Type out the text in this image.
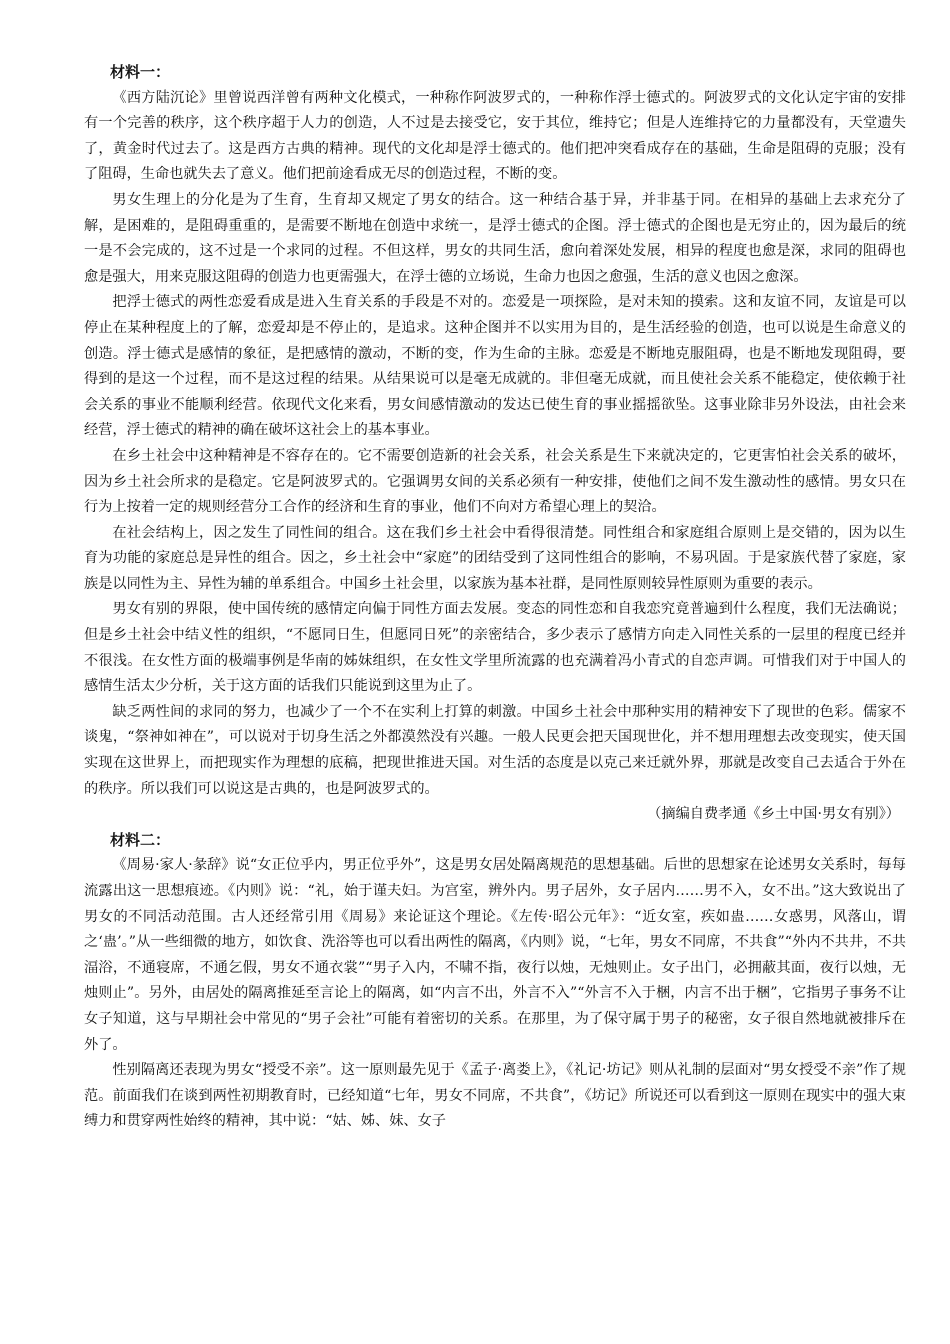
材料一：

《西方陆沉论》里曾说西洋曾有两种文化模式，一种称作阿波罗式的，一种称作浮士德式的。阿波罗式的文化认定宇宙的安排有一个完善的秩序，这个秩序超于人力的创造，人不过是去接受它，安于其位，维持它；但是人连维持它的力量都没有，天堂遗失了，黄金时代过去了。这是西方古典的精神。现代的文化却是浮士德式的。他们把冲突看成存在的基础，生命是阻碍的克服；没有了阻碍，生命也就失去了意义。他们把前途看成无尽的创造过程，不断的变。

男女生理上的分化是为了生育，生育却又规定了男女的结合。这一种结合基于异，并非基于同。在相异的基础上去求充分了解，是困难的，是阻碍重重的，是需要不断地在创造中求统一，是浮士德式的企图。浮士德式的企图也是无穷止的，因为最后的统一是不会完成的，这不过是一个求同的过程。不但这样，男女的共同生活，愈向着深处发展，相异的程度也愈是深，求同的阻碍也愈是强大，用来克服这阻碍的创造力也更需强大，在浮士德的立场说，生命力也因之愈强，生活的意义也因之愈深。

把浮士德式的两性恋爱看成是进入生育关系的手段是不对的。恋爱是一项探险，是对未知的摸索。这和友谊不同，友谊是可以停止在某种程度上的了解，恋爱却是不停止的，是追求。这种企图并不以实用为目的，是生活经验的创造，也可以说是生命意义的创造。浮士德式是感情的象征，是把感情的激动，不断的变，作为生命的主脉。恋爱是不断地克服阻碍，也是不断地发现阻碍，要得到的是这一个过程，而不是这过程的结果。从结果说可以是毫无成就的。非但毫无成就，而且使社会关系不能稳定，使依赖于社会关系的事业不能顺利经营。依现代文化来看，男女间感情激动的发达已使生育的事业摇摇欲坠。这事业除非另外设法，由社会来经营，浮士德式的精神的确在破坏这社会上的基本事业。

在乡土社会中这种精神是不容存在的。它不需要创造新的社会关系，社会关系是生下来就决定的，它更害怕社会关系的破坏，因为乡土社会所求的是稳定。它是阿波罗式的。它强调男女间的关系必须有一种安排，使他们之间不发生激动性的感情。男女只在行为上按着一定的规则经营分工合作的经济和生育的事业，他们不向对方希望心理上的契洽。

在社会结构上，因之发生了同性间的组合。这在我们乡土社会中看得很清楚。同性组合和家庭组合原则上是交错的，因为以生育为功能的家庭总是异性的组合。因之，乡土社会中“家庭”的团结受到了这同性组合的影响，不易巩固。于是家族代替了家庭，家族是以同性为主、异性为辅的单系组合。中国乡土社会里，以家族为基本社群，是同性原则较异性原则为重要的表示。

男女有别的界限，使中国传统的感情定向偏于同性方面去发展。变态的同性恋和自我恋究竟普遍到什么程度，我们无法确说；但是乡土社会中结义性的组织，“不愿同日生，但愿同日死”的亲密结合，多少表示了感情方向走入同性关系的一层里的程度已经并不很浅。在女性方面的极端事例是华南的姊妹组织，在女性文学里所流露的也充满着冯小青式的自恋声调。可惜我们对于中国人的感情生活太少分析，关于这方面的话我们只能说到这里为止了。

缺乏两性间的求同的努力，也减少了一个不在实利上打算的刺激。中国乡土社会中那种实用的精神安下了现世的色彩。儒家不谈鬼，“祭神如神在”，可以说对于切身生活之外都漠然没有兴趣。一般人民更会把天国现世化，并不想用理想去改变现实，使天国实现在这世界上，而把现实作为理想的底稿，把现世推进天国。对生活的态度是以克己来迁就外界，那就是改变自己去适合于外在的秩序。所以我们可以说这是古典的，也是阿波罗式的。

（摘编自费孝通《乡土中国·男女有别》）
材料二：

《周易·家人·彖辞》说“女正位乎内，男正位乎外”，这是男女居处隔离规范的思想基础。后世的思想家在论述男女关系时，每每流露出这一思想痕迹。《内则》说：“礼，始于谨夫妇。为宫室，辨外内。男子居外，女子居内……男不入，女不出。”这大致说出了男女的不同活动范围。古人还经常引用《周易》来论证这个理论。《左传·昭公元年》：“近女室，疾如蛊……女惑男，风落山，谓之‘蛊’。”从一些细微的地方，如饮食、洗浴等也可以看出两性的隔离，《内则》说，“七年，男女不同席，不共食”“外内不共井，不共湢浴，不通寝席，不通乞假，男女不通衣裳”“男子入内，不啸不指，夜行以烛，无烛则止。女子出门，必拥蔽其面，夜行以烛，无烛则止”。另外，由居处的隔离推延至言论上的隔离，如“内言不出，外言不入”“外言不入于梱，内言不出于梱”，它指男子事务不让女子知道，这与早期社会中常见的“男子会社”可能有着密切的关系。在那里，为了保守属于男子的秘密，女子很自然地就被排斥在外了。

性别隔离还表现为男女“授受不亲”。这一原则最先见于《孟子·离娄上》，《礼记·坊记》则从礼制的层面对“男女授受不亲”作了规范。前面我们在谈到两性初期教育时，已经知道“七年，男女不同席，不共食”，《坊记》所说还可以看到这一原则在现实中的强大束缚力和贯穿两性始终的精神，其中说：“姑、姊、妹、女子
